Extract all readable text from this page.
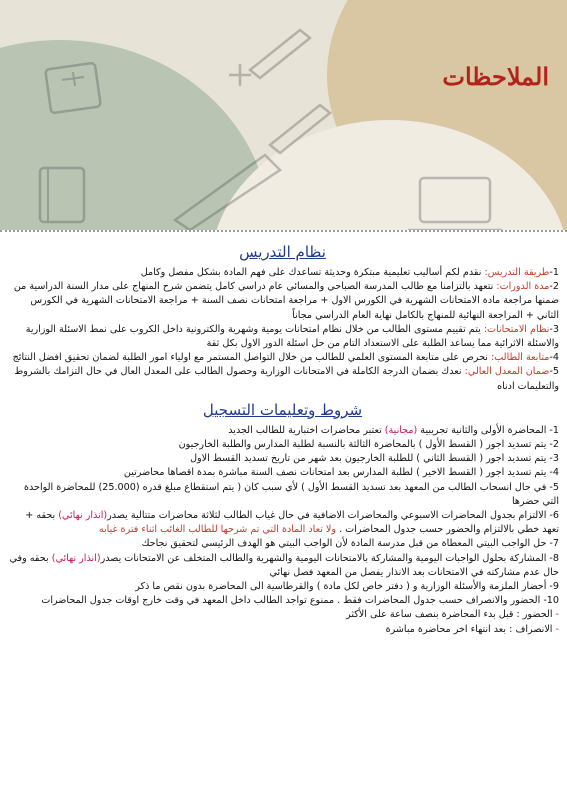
الملاحظات
نظام التدريس

1-طريقة التدريس: نقدم لكم أساليب تعليمية مبتكرة وحديثة تساعدك على فهم المادة بشكل مفصل وكامل

2-مدة الدورات: نتعهد بالتزامنا مع طالب المدرسة الصباحي والمسائي عام دراسي كامل يتضمن شرح المنهاج على مدار السنة الدراسية من ضمنها مراجعة مادة الامتحانات الشهرية في الكورس الاول + مراجعة امتحانات نصف السنة + مراجعة الامتحانات الشهرية في الكورس الثاني + المراجعة النهائية للمنهاج بالكامل نهاية العام الدراسي مجاناً

3-نظام الامتحانات: يتم تقييم مستوى الطالب من خلال نظام امتحانات يومية وشهرية والكترونية داخل الكروب على نمط الاسئلة الوزارية والاسئلة الاثرائية مما يساعد الطلبة على الاستعداد التام من حل اسئلة الدور الاول بكل ثقة

4-متابعة الطالب: نحرص على متابعة المستوى العلمي للطالب من خلال التواصل المستمر مع اولياء امور الطلبة لضمان تحقيق افضل النتائج

5-ضمان المعدل العالي: نعدك بضمان الدرجة الكاملة في الامتحانات الوزارية وحصول الطالب على المعدل العال في حال التزامك بالشروط والتعليمات ادناه

شروط وتعليمات التسجيل

1- المحاضرة الأولى والثانية تجريبية (مجانية) تعتبر محاضرات اختبارية للطالب الجديد

2- يتم تسديد اجور ( القسط الأول ) بالمحاضرة الثالثة بالنسبة لطلبة المدارس والطلبة الخارجيون

3- يتم تسديد اجور ( القسط الثاني ) للطلبة الخارجيون بعد شهر من تاريخ تسديد القسط الاول

4- يتم تسديد اجور ( القسط الاخير ) لطلبة المدارس بعد امتحانات نصف السنة مباشرة بمدة اقصاها محاضرتين

5- في حال انسحاب الطالب من المعهد بعد تسديد القسط الأول ) لأي سبب كان ( يتم استقطاع مبلغ قدره (25.000) للمحاضرة الواحدة التي حضرها

6- الالتزام بجدول المحاضرات الاسبوعي والمحاضرات الاضافية في حال غياب الطالب لثلاثة محاضرات متتالية يصدر(انذار نهائي) بحقه + تعهد خطي بالالتزام والحضور حسب جدول المحاضرات . ولا تعاد المادة التي تم شرحها للطالب الغائب اثناء فترة غيابه

7- حل الواجب البيتي المعطاة من قبل مدرسة المادة لأن الواجب البيتي هو الهدف الرئيسي لتحقيق نجاحك

8- المشاركة بحلول الواجبات اليومية والمشاركة بالامتحانات اليومية والشهرية والطالب المتخلف عن الامتحانات يصدر(انذار نهائي) بحقه وفي حال عدم مشاركته في الامتحانات بعد الانذار يفصل من المعهد فصل نهائي

9- أحضار الملزمة والأسئلة الوزارية و ( دفتر خاص لكل مادة ) والقرطاسية الى المحاضرة بدون نقص ما ذكر

10- الحضور والانصراف حسب جدول المحاضرات فقط . ممنوع تواجد الطالب داخل المعهد في وقت خارج اوقات جدول المحاضرات

- الحضور : قبل بدء المحاضرة بنصف ساعة على الأكثر

- الانصراف : بعد انتهاء اخر محاضرة مباشرة
